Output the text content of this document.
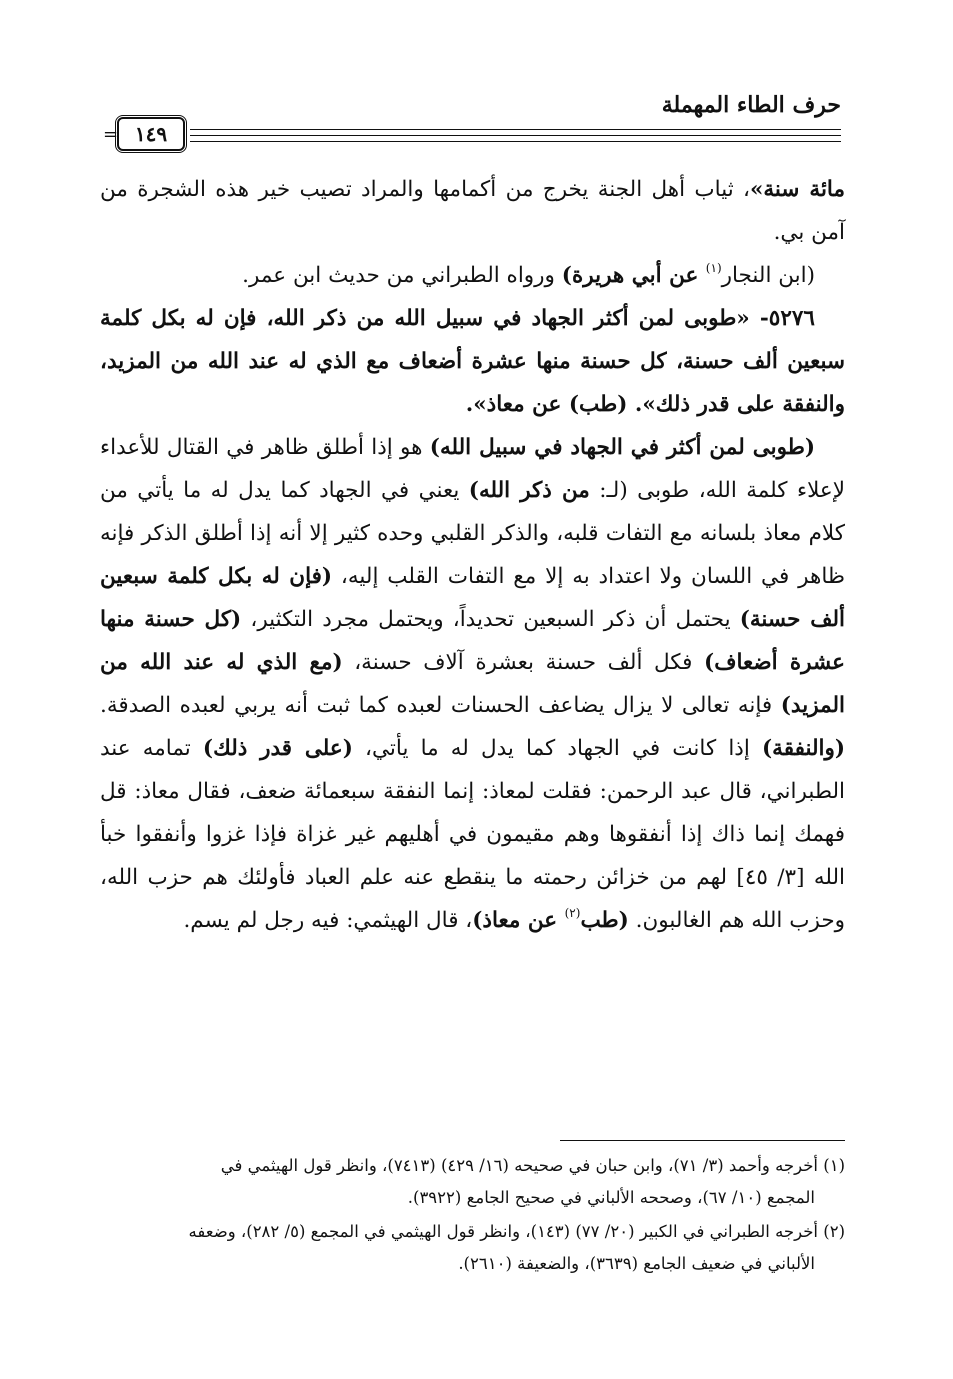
حرف الطاء المهملة
١٤٩
=

مائة سنة»، ثياب أهل الجنة يخرج من أكمامها والمراد تصيب خير هذه الشجرة من آمن بي.

(ابن النجار$^{(١)}$ عن أبي هريرة) ورواه الطبراني من حديث ابن عمر.

٥٢٧٦- «طوبى لمن أكثر الجهاد في سبيل الله من ذكر الله، فإن له بكل كلمة سبعين ألف حسنة، كل حسنة منها عشرة أضعاف مع الذي له عند الله من المزيد، والنفقة على قدر ذلك». (طب) عن معاذ».

(طوبى لمن أكثر في الجهاد في سبيل الله) هو إذا أطلق ظاهر في القتال للأعداء لإعلاء كلمة الله، طوبى (لـ: من ذكر الله) يعني في الجهاد كما يدل له ما يأتي من كلام معاذ بلسانه مع التفات قلبه، والذكر القلبي وحده كثير إلا أنه إذا أطلق الذكر فإنه ظاهر في اللسان ولا اعتداد به إلا مع التفات القلب إليه، (فإن له بكل كلمة سبعين ألف حسنة) يحتمل أن ذكر السبعين تحديداً، ويحتمل مجرد التكثير، (كل حسنة منها عشرة أضعاف) فكل ألف حسنة بعشرة آلاف حسنة، (مع الذي له عند الله من المزيد) فإنه تعالى لا يزال يضاعف الحسنات لعبده كما ثبت أنه يربي لعبده الصدقة. (والنفقة) إذا كانت في الجهاد كما يدل له ما يأتي، (على قدر ذلك) تمامه عند الطبراني، قال عبد الرحمن: فقلت لمعاذ: إنما النفقة سبعمائة ضعف، فقال معاذ: قل فهمك إنما ذاك إذا أنفقوها وهم مقيمون في أهليهم غير غزاة فإذا غزوا وأنفقوا خبأ الله [٣/ ٤٥] لهم من خزائن رحمته ما ينقطع عنه علم العباد فأولئك هم حزب الله، وحزب الله هم الغالبون. (طب$^{(٢)}$ عن معاذ)، قال الهيثمي: فيه رجل لم يسم.

(١) أخرجه وأحمد (٣/ ٧١)، وابن حبان في صحيحه (١٦/ ٤٢٩) (٧٤١٣)، وانظر قول الهيثمي في
المجمع (١٠/ ٦٧)، وصححه الألباني في صحيح الجامع (٣٩٢٢).

(٢) أخرجه الطبراني في الكبير (٢٠/ ٧٧) (١٤٣)، وانظر قول الهيثمي في المجمع (٥/ ٢٨٢)، وضعفه
الألباني في ضعيف الجامع (٣٦٣٩)، والضعيفة (٢٦١٠).
